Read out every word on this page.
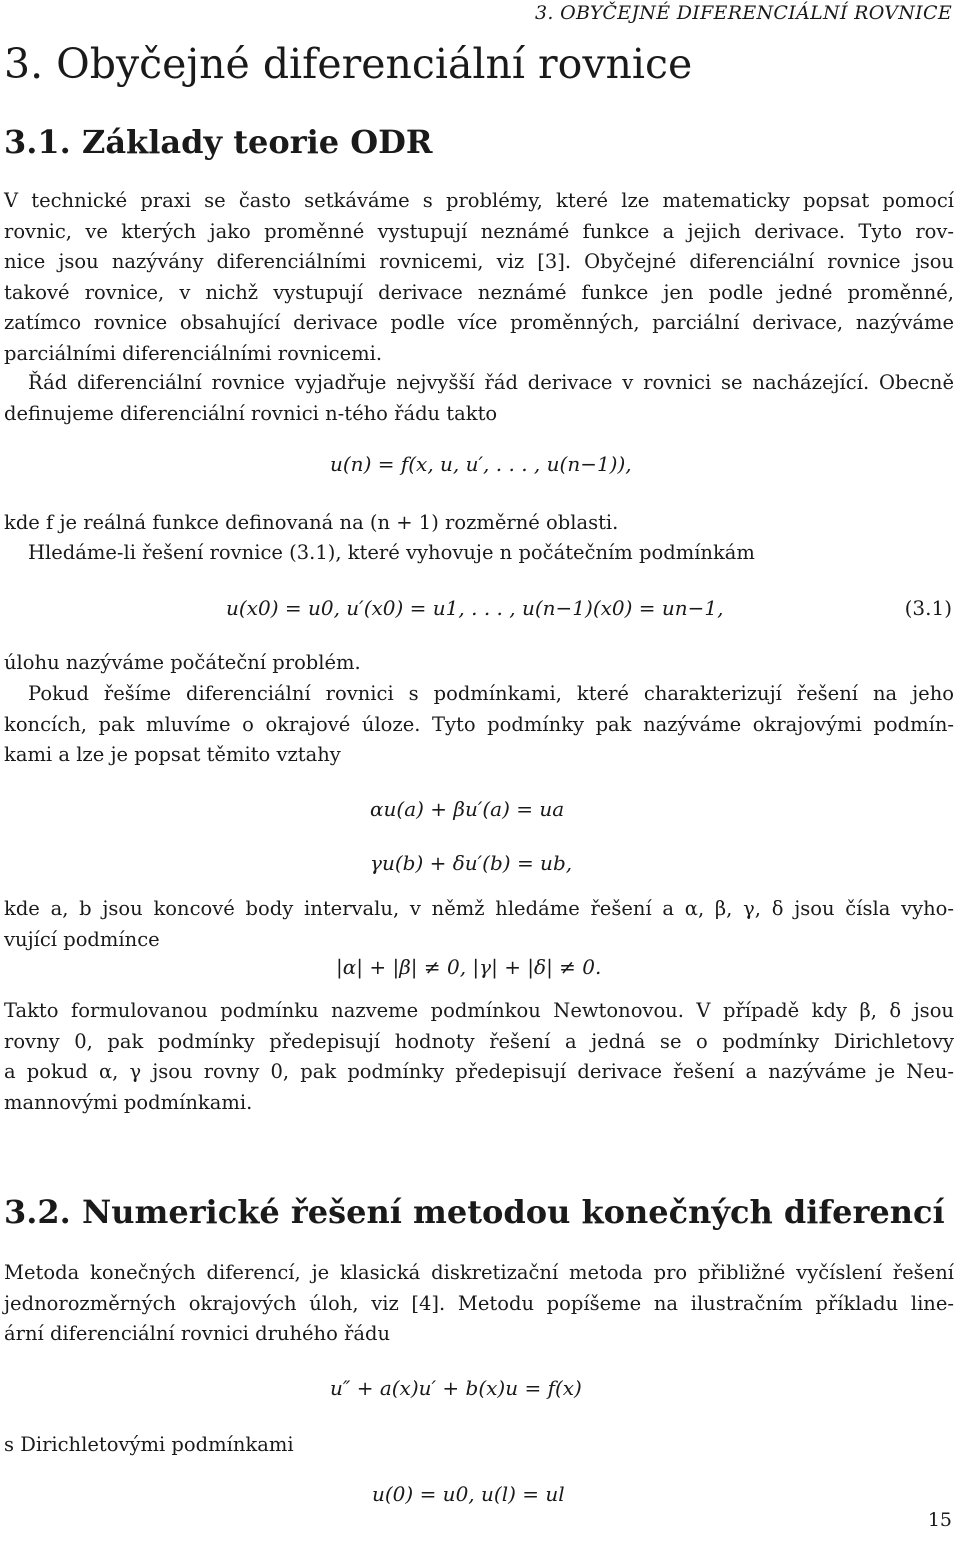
3. OBYČEJNÉ DIFERENCIÁLNÍ ROVNICE
3. Obyčejné diferenciální rovnice
3.1. Základy teorie ODR

V technické praxi se často setkáváme s problémy, které lze matematicky popsat pomocí
rovnic, ve kterých jako proměnné vystupují neznámé funkce a jejich derivace. Tyto rov-
nice jsou nazývány diferenciálními rovnicemi, viz [3]. Obyčejné diferenciální rovnice jsou
takové rovnice, v nichž vystupují derivace neznámé funkce jen podle jedné proměnné,
zatímco rovnice obsahující derivace podle více proměnných, parciální derivace, nazýváme
parciálními diferenciálními rovnicemi.

Řád diferenciální rovnice vyjadřuje nejvyšší řád derivace v rovnici se nacházející. Obecně
definujeme diferenciální rovnici n-tého řádu takto

u(n) = f(x, u, u′, . . . , u(n−1)),

kde f je reálná funkce definovaná na (n + 1) rozměrné oblasti.

Hledáme-li řešení rovnice (3.1), které vyhovuje n počátečním podmínkám

u(x0) = u0, u′(x0) = u1, . . . , u(n−1)(x0) = un−1,	(3.1)

úlohu nazýváme počáteční problém.

Pokud řešíme diferenciální rovnici s podmínkami, které charakterizují řešení na jeho
koncích, pak mluvíme o okrajové úloze. Tyto podmínky pak nazýváme okrajovými podmín-
kami a lze je popsat těmito vztahy

αu(a) + βu′(a) = ua
γu(b) + δu′(b) = ub,

kde a, b jsou koncové body intervalu, v němž hledáme řešení a α, β, γ, δ jsou čísla vyho-
vující podmínce

|α| + |β| ≠ 0, |γ| + |δ| ≠ 0.

Takto formulovanou podmínku nazveme podmínkou Newtonovou. V případě kdy β, δ jsou
rovny 0, pak podmínky předepisují hodnoty řešení a jedná se o podmínky Dirichletovy
a pokud α, γ jsou rovny 0, pak podmínky předepisují derivace řešení a nazýváme je Neu-
mannovými podmínkami.

3.2. Numerické řešení metodou konečných diferencí

Metoda konečných diferencí, je klasická diskretizační metoda pro přibližné vyčíslení řešení
jednorozměrných okrajových úloh, viz [4]. Metodu popíšeme na ilustračním příkladu line-
ární diferenciální rovnici druhého řádu

u″ + a(x)u′ + b(x)u = f(x)

s Dirichletovými podmínkami

u(0) = u0, u(l) = ul
15
